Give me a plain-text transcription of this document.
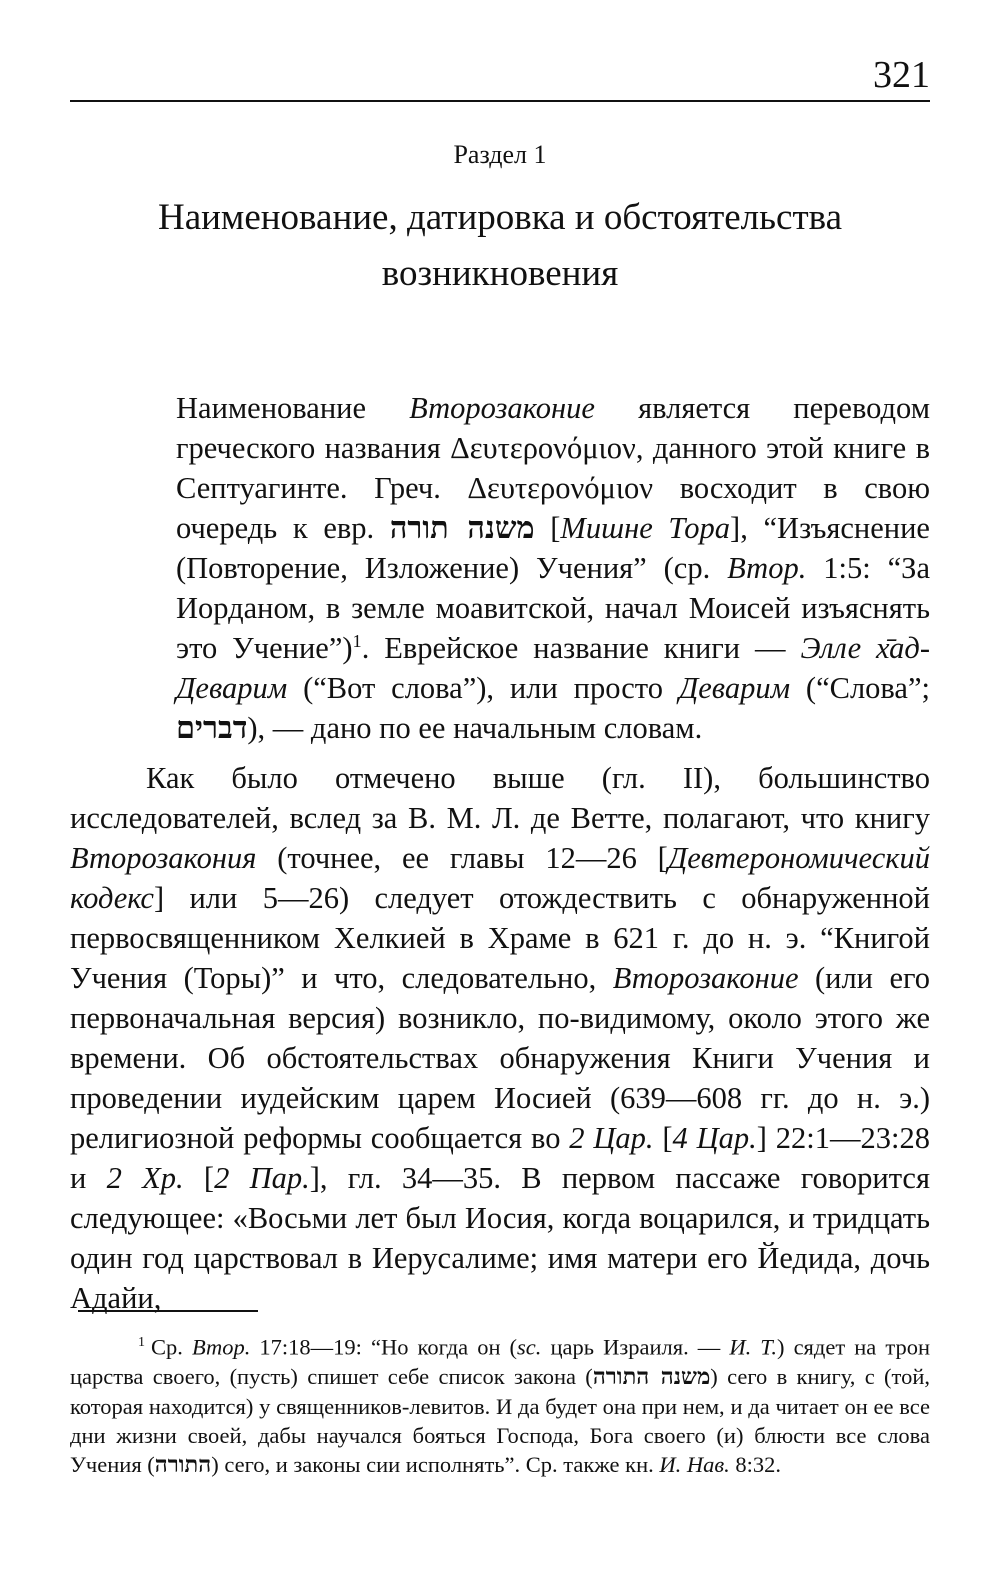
321
Раздел 1
Наименование, датировка и обстоятельства возникновения

Наименование Второзаконие является переводом греческого названия Δευτερονόμιον, данного этой книге в Септуагинте. Греч. Δευτερονόμιον восходит в свою очередь к евр. משנה תורה [Мишне Тора], “Изъяснение (Повторение, Изложение) Учения” (ср. Втор. 1:5: “За Иорданом, в земле моавитской, начал Моисей изъяснять это Учение”)$^1$. Еврейское название книги — Элле х̄ад-Деварим (“Вот слова”), или просто Деварим (“Слова”; דברים), — дано по ее начальным словам.

Как было отмечено выше (гл. II), большинство исследователей, вслед за В. М. Л. де Ветте, полагают, что книгу Второзакония (точнее, ее главы 12—26 [Девтерономический кодекс] или 5—26) следует отождествить с обнаруженной первосвященником Хелкией в Храме в 621 г. до н. э. “Книгой Учения (Торы)” и что, следовательно, Второзаконие (или его первоначальная версия) возникло, по-видимому, около этого же времени. Об обстоятельствах обнаружения Книги Учения и проведении иудейским царем Иосией (639—608 гг. до н. э.) религиозной реформы сообщается во 2 Цар. [4 Цар.] 22:1—23:28 и 2 Хр. [2 Пар.], гл. 34—35. В первом пассаже говорится следующее: «Восьми лет был Иосия, когда воцарился, и тридцать один год царствовал в Иерусалиме; имя матери его Йедида, дочь Адайи,

$^1$ Ср. Втор. 17:18—19: “Но когда он (sc. царь Израиля. — И. Т.) сядет на трон царства своего, (пусть) спишет себе список закона (משנה התורה) сего в книгу, с (той, которая находится) у священников-левитов. И да будет она при нем, и да читает он ее все дни жизни своей, дабы научался бояться Господа, Бога своего (и) блюсти все слова Учения (התורה) сего, и законы сии исполнять”. Ср. также кн. И. Нав. 8:32.
